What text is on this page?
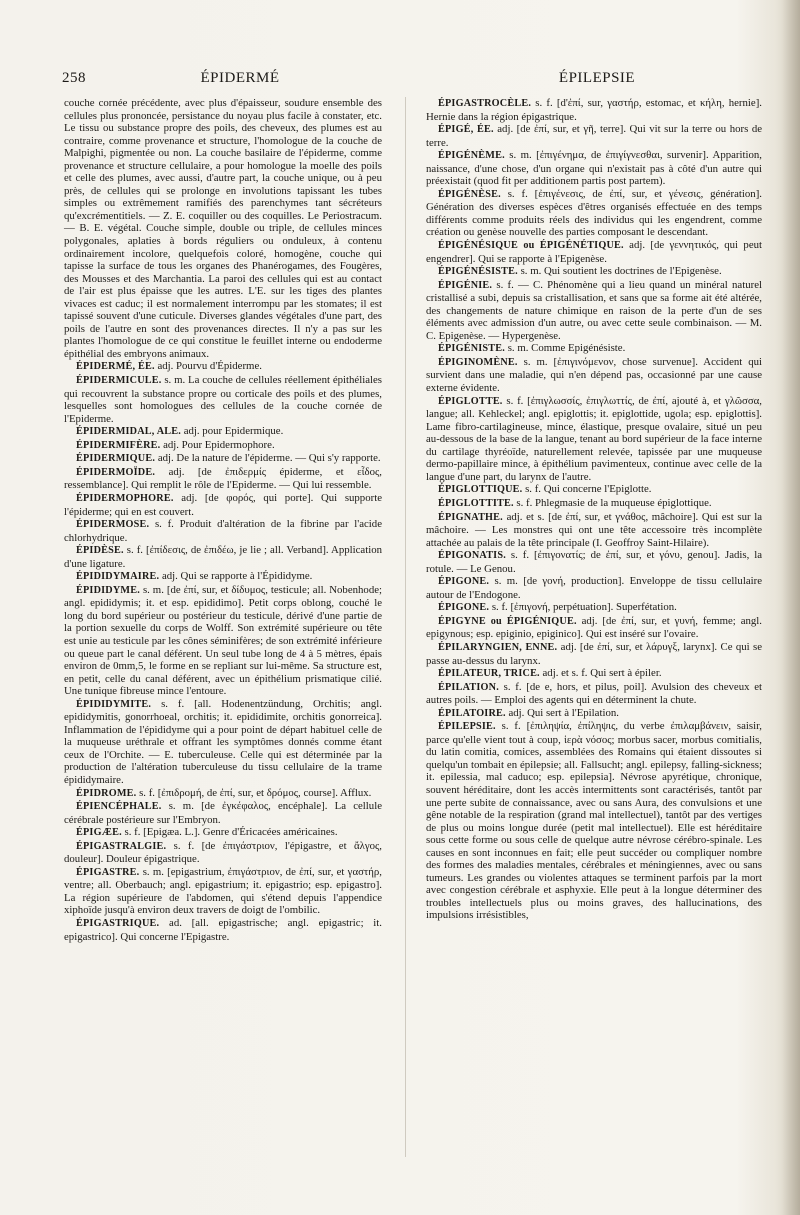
258	ÉPIDERMÉ	ÉPILEPSIE

couche cornée précédente, avec plus d'épaisseur, soudure ensemble des cellules plus prononcée, persistance du noyau plus facile à constater, etc. Le tissu ou substance propre des poils, des cheveux, des plumes est au contraire, comme provenance et structure, l'homologue de la couche de Malpighi, pigmentée ou non. La couche basilaire de l'épiderme, comme provenance et structure cellulaire, a pour homologue la moelle des poils et celle des plumes, avec aussi, d'autre part, la couche unique, ou à peu près, de cellules qui se prolonge en involutions tapissant les tubes simples ou extrêmement ramifiés des parenchymes tant sécréteurs qu'excrémentitiels. — Z. E. coquiller ou des coquilles. Le Periostracum. — B. E. végétal. Couche simple, double ou triple, de cellules minces polygonales, aplaties à bords réguliers ou onduleux, à contenu ordinairement incolore, quelquefois coloré, homogène, couche qui tapisse la surface de tous les organes des Phanérogames, des Fougères, des Mousses et des Marchantia. La paroi des cellules qui est au contact de l'air est plus épaisse que les autres. L'E. sur les tiges des plantes vivaces est caduc; il est normalement interrompu par les stomates; il est tapissé souvent d'une cuticule. Diverses glandes végétales d'une part, des poils de l'autre en sont des provenances directes. Il n'y a pas sur les plantes l'homologue de ce qui constitue le feuillet interne ou endoderme épithélial des embryons animaux.

ÉPIDERMÉ, ÉE. adj. Pourvu d'Épiderme.

ÉPIDERMICULE. s. m. La couche de cellules réellement épithéliales qui recouvrent la substance propre ou corticale des poils et des plumes, lesquelles sont homologues des cellules de la couche cornée de l'Epiderme.

ÉPIDERMIDAL, ALE. adj. pour Epidermique.

ÉPIDERMIFÈRE. adj. Pour Epidermophore.

ÉPIDERMIQUE. adj. De la nature de l'épiderme. — Qui s'y rapporte.

ÉPIDERMOÏDE. adj. [de ἐπιδερμίς épiderme, et εἶδος, ressemblance]. Qui remplit le rôle de l'Epiderme. — Qui lui ressemble.

ÉPIDERMOPHORE. adj. [de φορός, qui porte]. Qui supporte l'épiderme; qui en est couvert.

ÉPIDERMOSE. s. f. Produit d'altération de la fibrine par l'acide chlorhydrique.

ÉPIDÈSE. s. f. [ἐπίδεσις, de ἐπιδέω, je lie ; all. Verband]. Application d'une ligature.

ÉPIDIDYMAIRE. adj. Qui se rapporte à l'Épididyme.

ÉPIDIDYME. s. m. [de ἐπί, sur, et δίδυμος, testicule; all. Nobenhode; angl. epididymis; it. et esp. epididimo]. Petit corps oblong, couché le long du bord supérieur ou postérieur du testicule, dérivé d'une partie de la portion sexuelle du corps de Wolff. Son extrémité supérieure ou tête est unie au testicule par les cônes séminifères; de son extrémité inférieure ou queue part le canal déférent. Un seul tube long de 4 à 5 mètres, épais environ de 0mm,5, le forme en se repliant sur lui-même. Sa structure est, en petit, celle du canal déférent, avec un épithélium prismatique cilié. Une tunique fibreuse mince l'entoure.

ÉPIDIDYMITE. s. f. [all. Hodenentzündung, Orchitis; angl. epididymitis, gonorrhoeal, orchitis; it. epididimite, orchitis gonorreica]. Inflammation de l'épididyme qui a pour point de départ habituel celle de la muqueuse uréthrale et offrant les symptômes donnés comme étant ceux de l'Orchite. — E. tuberculeuse. Celle qui est déterminée par la production de l'altération tuberculeuse du tissu cellulaire de la trame épididymaire.

ÉPIDROME. s. f. [ἐπιδρομή, de ἐπί, sur, et δρόμος, course]. Afflux.

ÉPIENCÉPHALE. s. m. [de ἐγκέφαλος, encéphale]. La cellule cérébrale postérieure sur l'Embryon.

ÉPIGÆE. s. f. [Epigæa. L.]. Genre d'Éricacées américaines.

ÉPIGASTRALGIE. s. f. [de ἐπιγάστριον, l'épigastre, et ἄλγος, douleur]. Douleur épigastrique.

ÉPIGASTRE. s. m. [epigastrium, ἐπιγάστριον, de ἐπί, sur, et γαστήρ, ventre; all. Oberbauch; angl. epigastrium; it. epigastrio; esp. epigastro]. La région supérieure de l'abdomen, qui s'étend depuis l'appendice xiphoïde jusqu'à environ deux travers de doigt de l'ombilic.

ÉPIGASTRIQUE. ad. [all. epigastrische; angl. epigastric; it. epigastrico]. Qui concerne l'Epigastre.

ÉPIGASTROCÈLE. s. f. [d'ἐπί, sur, γαστήρ, estomac, et κήλη, hernie]. Hernie dans la région épigastrique.

ÉPIGÉ, ÉE. adj. [de ἐπί, sur, et γῆ, terre]. Qui vit sur la terre ou hors de terre.

ÉPIGÉNÈME. s. m. [ἐπιγένημα, de ἐπιγίγνεσθαι, survenir]. Apparition, naissance, d'une chose, d'un organe qui n'existait pas à côté d'un autre qui préexistait (quod fit per additionem partis post partem).

ÉPIGÉNÈSE. s. f. [ἐπιγένεσις, de ἐπί, sur, et γένεσις, génération]. Génération des diverses espèces d'êtres organisés effectuée en des temps différents comme produits réels des individus qui les engendrent, comme création ou genèse nouvelle des parties composant le descendant.

ÉPIGÉNÉSIQUE ou ÉPIGÉNÉTIQUE. adj. [de γεννητικός, qui peut engendrer]. Qui se rapporte à l'Epigenèse.

ÉPIGÉNÉSISTE. s. m. Qui soutient les doctrines de l'Epigenèse.

ÉPIGÉNIE. s. f. — C. Phénomène qui a lieu quand un minéral naturel cristallisé a subi, depuis sa cristallisation, et sans que sa forme ait été altérée, des changements de nature chimique en raison de la perte d'un de ses éléments avec admission d'un autre, ou avec cette seule combinaison. — M. C. Epigenèse. — Hypergenèse.

ÉPIGÉNISTE. s. m. Comme Epigénésiste.

ÉPIGINOMÈNE. s. m. [ἐπιγινόμενον, chose survenue]. Accident qui survient dans une maladie, qui n'en dépend pas, occasionné par une cause externe évidente.

ÉPIGLOTTE. s. f. [ἐπιγλωσσίς, ἐπιγλωττίς, de ἐπί, ajouté à, et γλῶσσα, langue; all. Kehleckel; angl. epiglottis; it. epiglottide, ugola; esp. epiglottis]. Lame fibro-cartilagineuse, mince, élastique, presque ovalaire, situé un peu au-dessous de la base de la langue, tenant au bord supérieur de la face interne du cartilage thyréoïde, naturellement relevée, tapissée par une muqueuse dermo-papillaire mince, à épithélium pavimenteux, continue avec celle de la langue d'une part, du larynx de l'autre.

ÉPIGLOTTIQUE. s. f. Qui concerne l'Epiglotte.

ÉPIGLOTTITE. s. f. Phlegmasie de la muqueuse épiglottique.

ÉPIGNATHE. adj. et s. [de ἐπί, sur, et γνάθος, mâchoire]. Qui est sur la mâchoire. — Les monstres qui ont une tête accessoire très incomplète attachée au palais de la tête principale (I. Geoffroy Saint-Hilaire).

ÉPIGONATIS. s. f. [ἐπιγονατίς; de ἐπί, sur, et γόνυ, genou]. Jadis, la rotule. — Le Genou.

ÉPIGONE. s. m. [de γονή, production]. Enveloppe de tissu cellulaire autour de l'Endogone.

ÉPIGONE. s. f. [ἐπιγονή, perpétuation]. Superfétation.

ÉPIGYNE ou ÉPIGÉNIQUE. adj. [de ἐπί, sur, et γυνή, femme; angl. epigynous; esp. epiginio, epiginico]. Qui est inséré sur l'ovaire.

ÉPILARYNGIEN, ENNE. adj. [de ἐπί, sur, et λάρυγξ, larynx]. Ce qui se passe au-dessus du larynx.

ÉPILATEUR, TRICE. adj. et s. f. Qui sert à épiler.

ÉPILATION. s. f. [de e, hors, et pilus, poil]. Avulsion des cheveux et autres poils. — Emploi des agents qui en déterminent la chute.

ÉPILATOIRE. adj. Qui sert à l'Epilation.

ÉPILEPSIE. s. f. [ἐπιληψία, ἐπίληψις, du verbe ἐπιλαμβάνειν, saisir, parce qu'elle vient tout à coup, ἱερὰ νόσος; morbus sacer, morbus comitialis, du latin comitia, comices, assemblées des Romains qui étaient dissoutes si quelqu'un tombait en épilepsie; all. Fallsucht; angl. epilepsy, falling-sickness; it. epilessia, mal caduco; esp. epilepsia]. Névrose apyrétique, chronique, souvent héréditaire, dont les accès intermittents sont caractérisés, tantôt par une perte subite de connaissance, avec ou sans Aura, des convulsions et une gêne notable de la respiration (grand mal intellectuel), tantôt par des vertiges de plus ou moins longue durée (petit mal intellectuel). Elle est héréditaire sous cette forme ou sous celle de quelque autre névrose cérébro-spinale. Les causes en sont inconnues en fait; elle peut succéder ou compliquer nombre des formes des maladies mentales, cérébrales et méningiennes, avec ou sans tumeurs. Les grandes ou violentes attaques se terminent parfois par la mort avec congestion cérébrale et asphyxie. Elle peut à la longue déterminer des troubles intellectuels plus ou moins graves, des hallucinations, des impulsions irrésistibles,
